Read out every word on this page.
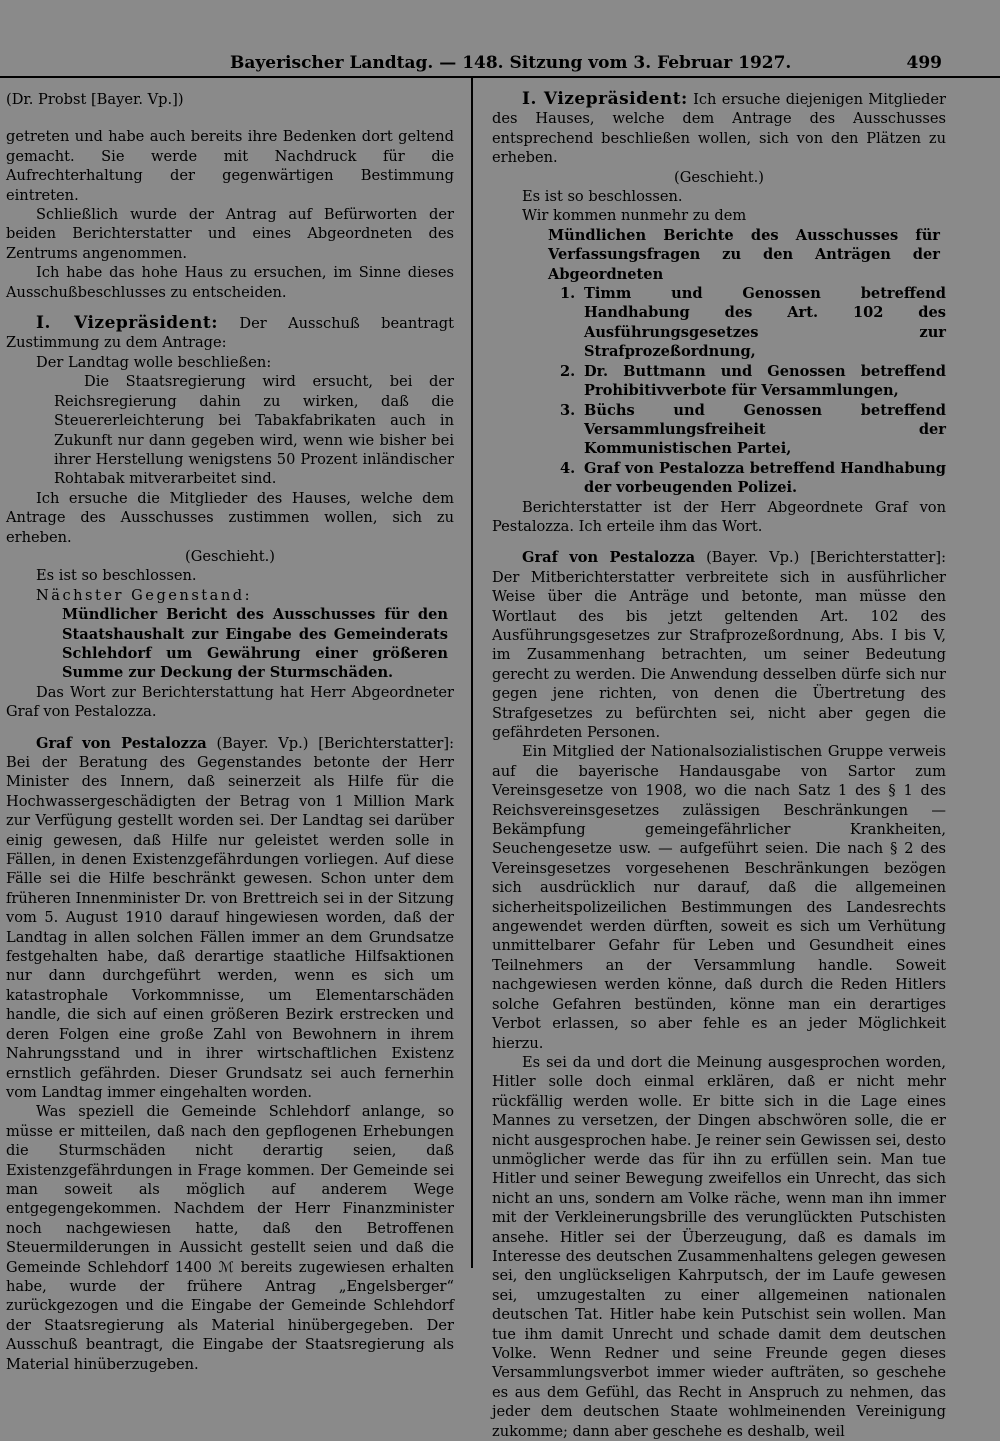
Bayerischer Landtag. — 148. Sitzung vom 3. Februar 1927.	499

(Dr. Probst [Bayer. Vp.])

getreten und habe auch bereits ihre Bedenken dort geltend gemacht. Sie werde mit Nachdruck für die Aufrechterhaltung der gegenwärtigen Bestimmung eintreten.

Schließlich wurde der Antrag auf Befürworten der beiden Berichterstatter und eines Abgeordneten des Zentrums angenommen.

Ich habe das hohe Haus zu ersuchen, im Sinne dieses Ausschußbeschlusses zu entscheiden.

I. Vizepräsident: Der Ausschuß beantragt Zustimmung zu dem Antrage:

Der Landtag wolle beschließen:

Die Staatsregierung wird ersucht, bei der Reichsregierung dahin zu wirken, daß die Steuererleichterung bei Tabakfabrikaten auch in Zukunft nur dann gegeben wird, wenn wie bisher bei ihrer Herstellung wenigstens 50 Prozent inländischer Rohtabak mitverarbeitet sind.

Ich ersuche die Mitglieder des Hauses, welche dem Antrage des Ausschusses zustimmen wollen, sich zu erheben.

(Geschieht.)

Es ist so beschlossen.

Nächster Gegenstand:

Mündlicher Bericht des Ausschusses für den Staatshaushalt zur Eingabe des Gemeinderats Schlehdorf um Gewährung einer größeren Summe zur Deckung der Sturmschäden.

Das Wort zur Berichterstattung hat Herr Abgeordneter Graf von Pestalozza.

Graf von Pestalozza (Bayer. Vp.) [Berichterstatter]: Bei der Beratung des Gegenstandes betonte der Herr Minister des Innern, daß seinerzeit als Hilfe für die Hochwassergeschädigten der Betrag von 1 Million Mark zur Verfügung gestellt worden sei. Der Landtag sei darüber einig gewesen, daß Hilfe nur geleistet werden solle in Fällen, in denen Existenzgefährdungen vorliegen. Auf diese Fälle sei die Hilfe beschränkt gewesen. Schon unter dem früheren Innenminister Dr. von Brettreich sei in der Sitzung vom 5. August 1910 darauf hingewiesen worden, daß der Landtag in allen solchen Fällen immer an dem Grundsatze festgehalten habe, daß derartige staatliche Hilfsaktionen nur dann durchgeführt werden, wenn es sich um katastrophale Vorkommnisse, um Elementarschäden handle, die sich auf einen größeren Bezirk erstrecken und deren Folgen eine große Zahl von Bewohnern in ihrem Nahrungsstand und in ihrer wirtschaftlichen Existenz ernstlich gefährden. Dieser Grundsatz sei auch fernerhin vom Landtag immer eingehalten worden.

Was speziell die Gemeinde Schlehdorf anlange, so müsse er mitteilen, daß nach den gepflogenen Erhebungen die Sturmschäden nicht derartig seien, daß Existenzgefährdungen in Frage kommen. Der Gemeinde sei man soweit als möglich auf anderem Wege entgegengekommen. Nachdem der Herr Finanzminister noch nachgewiesen hatte, daß den Betroffenen Steuermilderungen in Aussicht gestellt seien und daß die Gemeinde Schlehdorf 1400 ℳ bereits zugewiesen erhalten habe, wurde der frühere Antrag „Engelsberger“ zurückgezogen und die Eingabe der Gemeinde Schlehdorf der Staatsregierung als Material hinübergegeben. Der Ausschuß beantragt, die Eingabe der Staatsregierung als Material hinüberzugeben.

I. Vizepräsident: Ich ersuche diejenigen Mitglieder des Hauses, welche dem Antrage des Ausschusses entsprechend beschließen wollen, sich von den Plätzen zu erheben.

(Geschieht.)

Es ist so beschlossen.

Wir kommen nunmehr zu dem

Mündlichen Berichte des Ausschusses für Verfassungsfragen zu den Anträgen der Abgeordneten

1. Timm und Genossen betreffend Handhabung des Art. 102 des Ausführungsgesetzes zur Strafprozeßordnung,
2. Dr. Buttmann und Genossen betreffend Prohibitivverbote für Versammlungen,
3. Büchs und Genossen betreffend Versammlungsfreiheit der Kommunistischen Partei,
4. Graf von Pestalozza betreffend Handhabung der vorbeugenden Polizei.

Berichterstatter ist der Herr Abgeordnete Graf von Pestalozza. Ich erteile ihm das Wort.

Graf von Pestalozza (Bayer. Vp.) [Berichterstatter]: Der Mitberichterstatter verbreitete sich in ausführlicher Weise über die Anträge und betonte, man müsse den Wortlaut des bis jetzt geltenden Art. 102 des Ausführungsgesetzes zur Strafprozeßordnung, Abs. I bis V, im Zusammenhang betrachten, um seiner Bedeutung gerecht zu werden. Die Anwendung desselben dürfe sich nur gegen jene richten, von denen die Übertretung des Strafgesetzes zu befürchten sei, nicht aber gegen die gefährdeten Personen.

Ein Mitglied der Nationalsozialistischen Gruppe verweis auf die bayerische Handausgabe von Sartor zum Vereinsgesetze von 1908, wo die nach Satz 1 des § 1 des Reichsvereinsgesetzes zulässigen Beschränkungen — Bekämpfung gemeingefährlicher Krankheiten, Seuchengesetze usw. — aufgeführt seien. Die nach § 2 des Vereinsgesetzes vorgesehenen Beschränkungen bezögen sich ausdrücklich nur darauf, daß die allgemeinen sicherheitspolizeilichen Bestimmungen des Landesrechts angewendet werden dürften, soweit es sich um Verhütung unmittelbarer Gefahr für Leben und Gesundheit eines Teilnehmers an der Versammlung handle. Soweit nachgewiesen werden könne, daß durch die Reden Hitlers solche Gefahren bestünden, könne man ein derartiges Verbot erlassen, so aber fehle es an jeder Möglichkeit hierzu.

Es sei da und dort die Meinung ausgesprochen worden, Hitler solle doch einmal erklären, daß er nicht mehr rückfällig werden wolle. Er bitte sich in die Lage eines Mannes zu versetzen, der Dingen abschwören solle, die er nicht ausgesprochen habe. Je reiner sein Gewissen sei, desto unmöglicher werde das für ihn zu erfüllen sein. Man tue Hitler und seiner Bewegung zweifellos ein Unrecht, das sich nicht an uns, sondern am Volke räche, wenn man ihn immer mit der Verkleinerungsbrille des verunglückten Putschisten ansehe. Hitler sei der Überzeugung, daß es damals im Interesse des deutschen Zusammenhaltens gelegen gewesen sei, den unglückseligen Kahrputsch, der im Laufe gewesen sei, umzugestalten zu einer allgemeinen nationalen deutschen Tat. Hitler habe kein Putschist sein wollen. Man tue ihm damit Unrecht und schade damit dem deutschen Volke. Wenn Redner und seine Freunde gegen dieses Versammlungsverbot immer wieder aufträten, so geschehe es aus dem Gefühl, das Recht in Anspruch zu nehmen, das jeder dem deutschen Staate wohlmeinenden Vereinigung zukomme; dann aber geschehe es deshalb, weil
